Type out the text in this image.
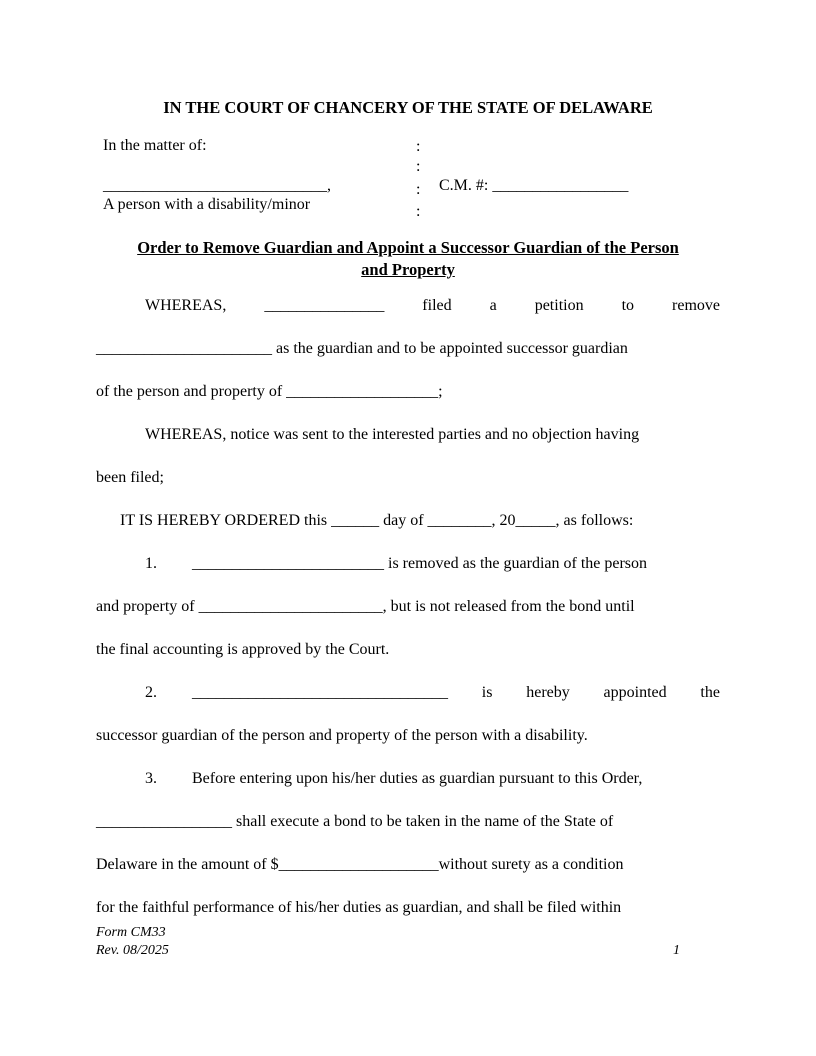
IN THE COURT OF CHANCERY OF THE STATE OF DELAWARE
In the matter of:
____________________________,
A person with a disability/minor
:
:
:
:
C.M. #: _________________
Order to Remove Guardian and Appoint a Successor Guardian of the Person
and Property
WHEREAS, _______________ filed a petition to remove
______________________ as the guardian and to be appointed successor guardian
of the person and property of ___________________;
WHEREAS, notice was sent to the interested parties and no objection having
been filed;
IT IS HEREBY ORDERED this ______ day of ________, 20_____, as follows:
1. ________________________ is removed as the guardian of the person
and property of _______________________, but is not released from the bond until
the final accounting is approved by the Court.
2. ________________________________ is hereby appointed the
successor guardian of the person and property of the person with a disability.
3. Before entering upon his/her duties as guardian pursuant to this Order,
_________________ shall execute a bond to be taken in the name of the State of
Delaware in the amount of $____________________without surety as a condition
for the faithful performance of his/her duties as guardian, and shall be filed within
Form CM33
Rev. 08/2025	1
